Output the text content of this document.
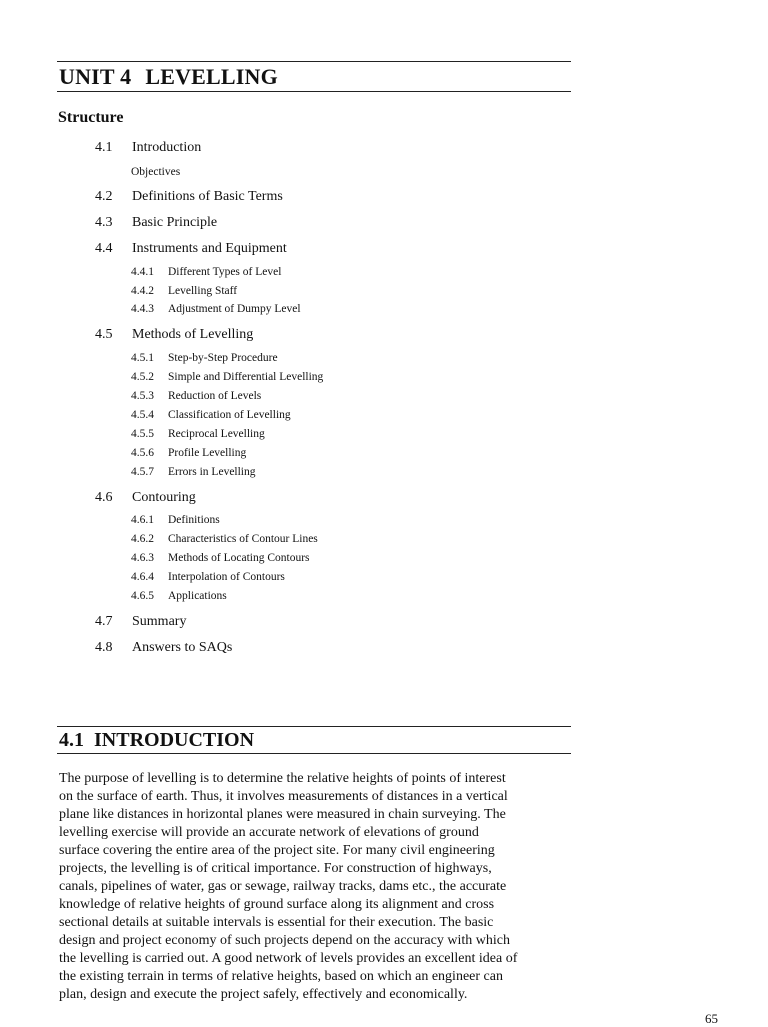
UNIT 4 LEVELLING
Structure
4.1 Introduction
Objectives
4.2 Definitions of Basic Terms
4.3 Basic Principle
4.4 Instruments and Equipment
4.4.1 Different Types of Level
4.4.2 Levelling Staff
4.4.3 Adjustment of Dumpy Level
4.5 Methods of Levelling
4.5.1 Step-by-Step Procedure
4.5.2 Simple and Differential Levelling
4.5.3 Reduction of Levels
4.5.4 Classification of Levelling
4.5.5 Reciprocal Levelling
4.5.6 Profile Levelling
4.5.7 Errors in Levelling
4.6 Contouring
4.6.1 Definitions
4.6.2 Characteristics of Contour Lines
4.6.3 Methods of Locating Contours
4.6.4 Interpolation of Contours
4.6.5 Applications
4.7 Summary
4.8 Answers to SAQs
4.1 INTRODUCTION
The purpose of levelling is to determine the relative heights of points of interest
on the surface of earth. Thus, it involves measurements of distances in a vertical
plane like distances in horizontal planes were measured in chain surveying. The
levelling exercise will provide an accurate network of elevations of ground
surface covering the entire area of the project site. For many civil engineering
projects, the levelling is of critical importance. For construction of highways,
canals, pipelines of water, gas or sewage, railway tracks, dams etc., the accurate
knowledge of relative heights of ground surface along its alignment and cross
sectional details at suitable intervals is essential for their execution. The basic
design and project economy of such projects depend on the accuracy with which
the levelling is carried out. A good network of levels provides an excellent idea of
the existing terrain in terms of relative heights, based on which an engineer can
plan, design and execute the project safely, effectively and economically.
65
